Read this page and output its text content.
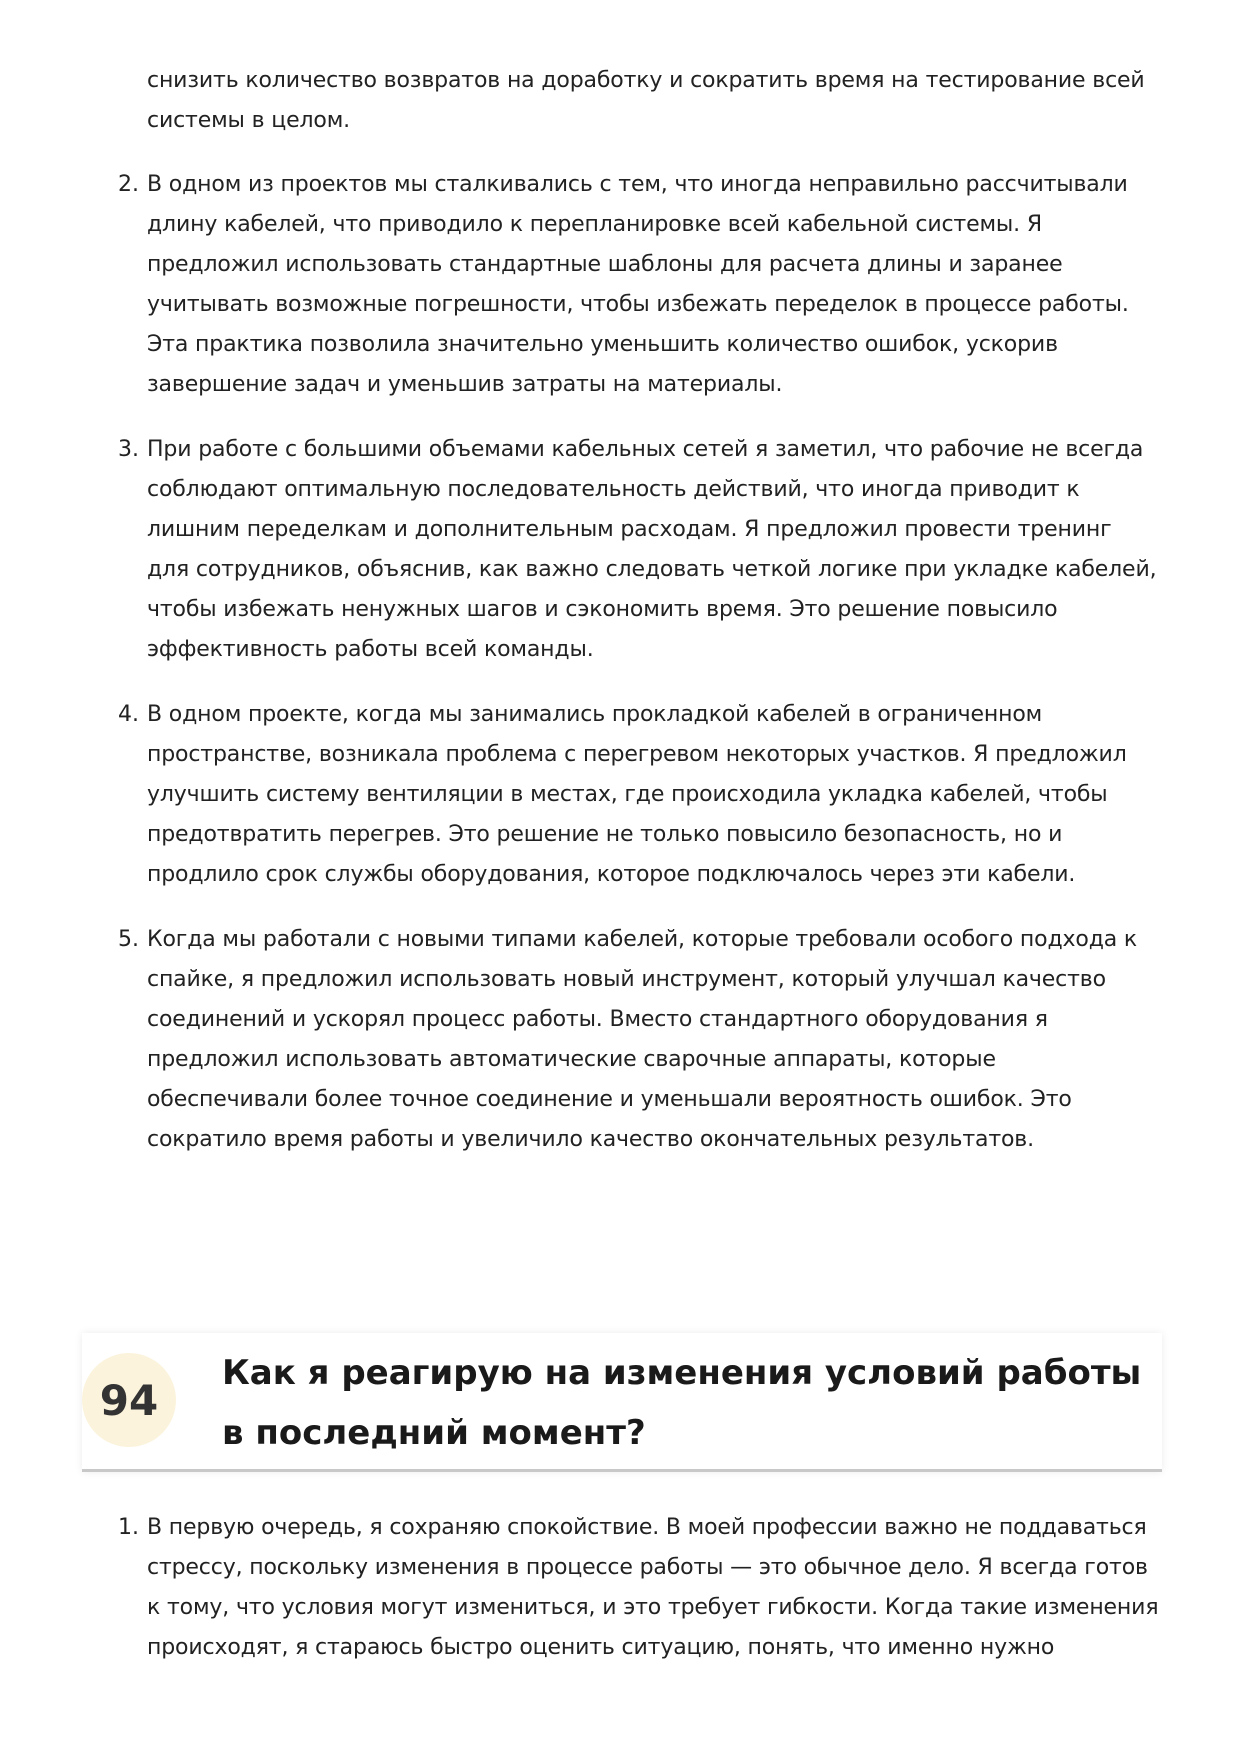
снизить количество возвратов на доработку и сократить время на тестирование всей системы в целом.
2. В одном из проектов мы сталкивались с тем, что иногда неправильно рассчитывали длину кабелей, что приводило к перепланировке всей кабельной системы. Я предложил использовать стандартные шаблоны для расчета длины и заранее учитывать возможные погрешности, чтобы избежать переделок в процессе работы. Эта практика позволила значительно уменьшить количество ошибок, ускорив завершение задач и уменьшив затраты на материалы.
3. При работе с большими объемами кабельных сетей я заметил, что рабочие не всегда соблюдают оптимальную последовательность действий, что иногда приводит к лишним переделкам и дополнительным расходам. Я предложил провести тренинг для сотрудников, объяснив, как важно следовать четкой логике при укладке кабелей, чтобы избежать ненужных шагов и сэкономить время. Это решение повысило эффективность работы всей команды.
4. В одном проекте, когда мы занимались прокладкой кабелей в ограниченном пространстве, возникала проблема с перегревом некоторых участков. Я предложил улучшить систему вентиляции в местах, где происходила укладка кабелей, чтобы предотвратить перегрев. Это решение не только повысило безопасность, но и продлило срок службы оборудования, которое подключалось через эти кабели.
5. Когда мы работали с новыми типами кабелей, которые требовали особого подхода к спайке, я предложил использовать новый инструмент, который улучшал качество соединений и ускорял процесс работы. Вместо стандартного оборудования я предложил использовать автоматические сварочные аппараты, которые обеспечивали более точное соединение и уменьшали вероятность ошибок. Это сократило время работы и увеличило качество окончательных результатов.
94
Как я реагирую на изменения условий работы в последний момент?
1. В первую очередь, я сохраняю спокойствие. В моей профессии важно не поддаваться стрессу, поскольку изменения в процессе работы — это обычное дело. Я всегда готов к тому, что условия могут измениться, и это требует гибкости. Когда такие изменения происходят, я стараюсь быстро оценить ситуацию, понять, что именно нужно
